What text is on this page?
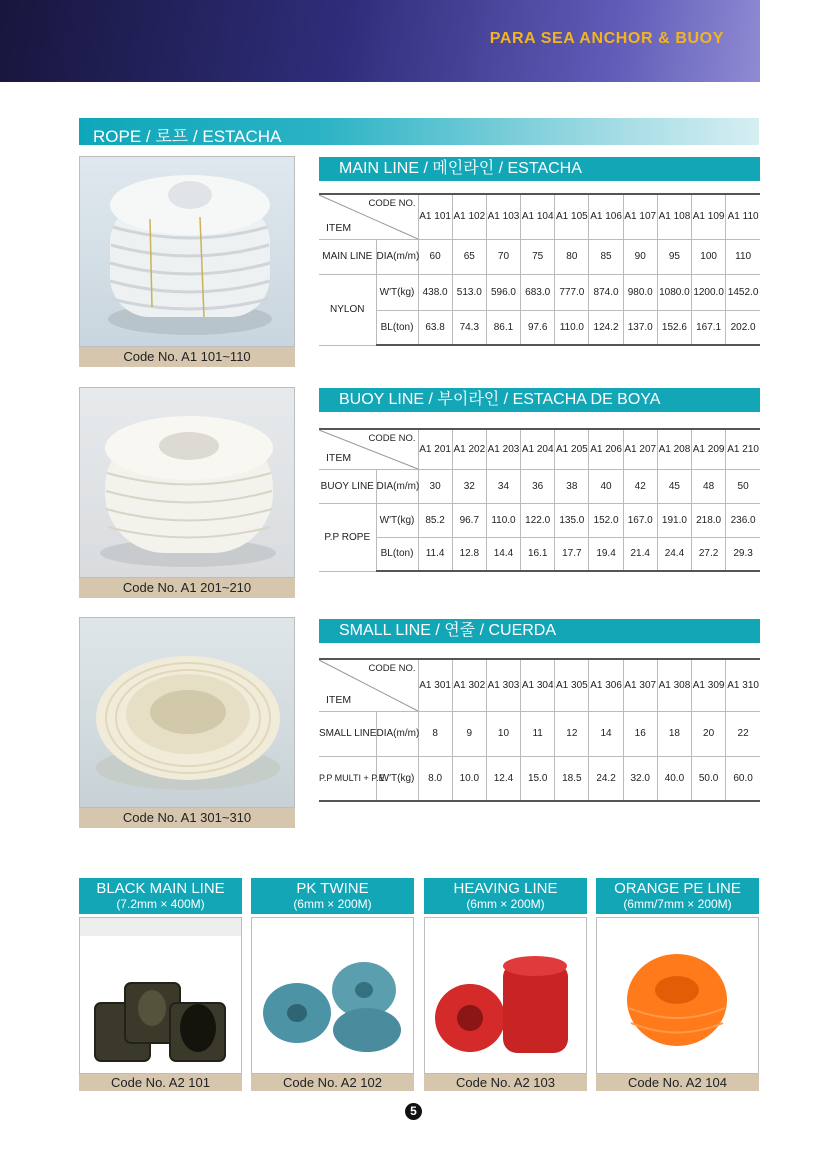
PARA SEA ANCHOR & BUOY
ROPE / 로프 / ESTACHA
Code No. A1 101~110
Code No. A1 201~210
Code No. A1 301~310
MAIN LINE / 메인라인 / ESTACHA
CODE NO.
ITEM		A1 101	A1 102	A1 103	A1 104	A1 105	A1 106	A1 107	A1 108	A1 109	A1 110
MAIN LINE	DIA(m/m)	60	65	70	75	80	85	90	95	100	110
NYLON	W'T(kg)	438.0	513.0	596.0	683.0	777.0	874.0	980.0	1080.0	1200.0	1452.0
	BL(ton)	63.8	74.3	86.1	97.6	110.0	124.2	137.0	152.6	167.1	202.0
BUOY LINE / 부이라인 / ESTACHA DE BOYA
CODE NO.
ITEM		A1 201	A1 202	A1 203	A1 204	A1 205	A1 206	A1 207	A1 208	A1 209	A1 210
BUOY LINE	DIA(m/m)	30	32	34	36	38	40	42	45	48	50
P.P ROPE	W'T(kg)	85.2	96.7	110.0	122.0	135.0	152.0	167.0	191.0	218.0	236.0
	BL(ton)	11.4	12.8	14.4	16.1	17.7	19.4	21.4	24.4	27.2	29.3
SMALL LINE / 연줄 / CUERDA
CODE NO.
ITEM		A1 301	A1 302	A1 303	A1 304	A1 305	A1 306	A1 307	A1 308	A1 309	A1 310
SMALL LINE	DIA(m/m)	8	9	10	11	12	14	16	18	20	22
P.P MULTI + P.E	W'T(kg)	8.0	10.0	12.4	15.0	18.5	24.2	32.0	40.0	50.0	60.0
BLACK MAIN LINE
(7.2mm × 400M)
Code No. A2 101
PK TWINE
(6mm × 200M)
Code No. A2 102
HEAVING LINE
(6mm × 200M)
Code No. A2 103
ORANGE PE LINE
(6mm/7mm × 200M)
Code No. A2 104
5
